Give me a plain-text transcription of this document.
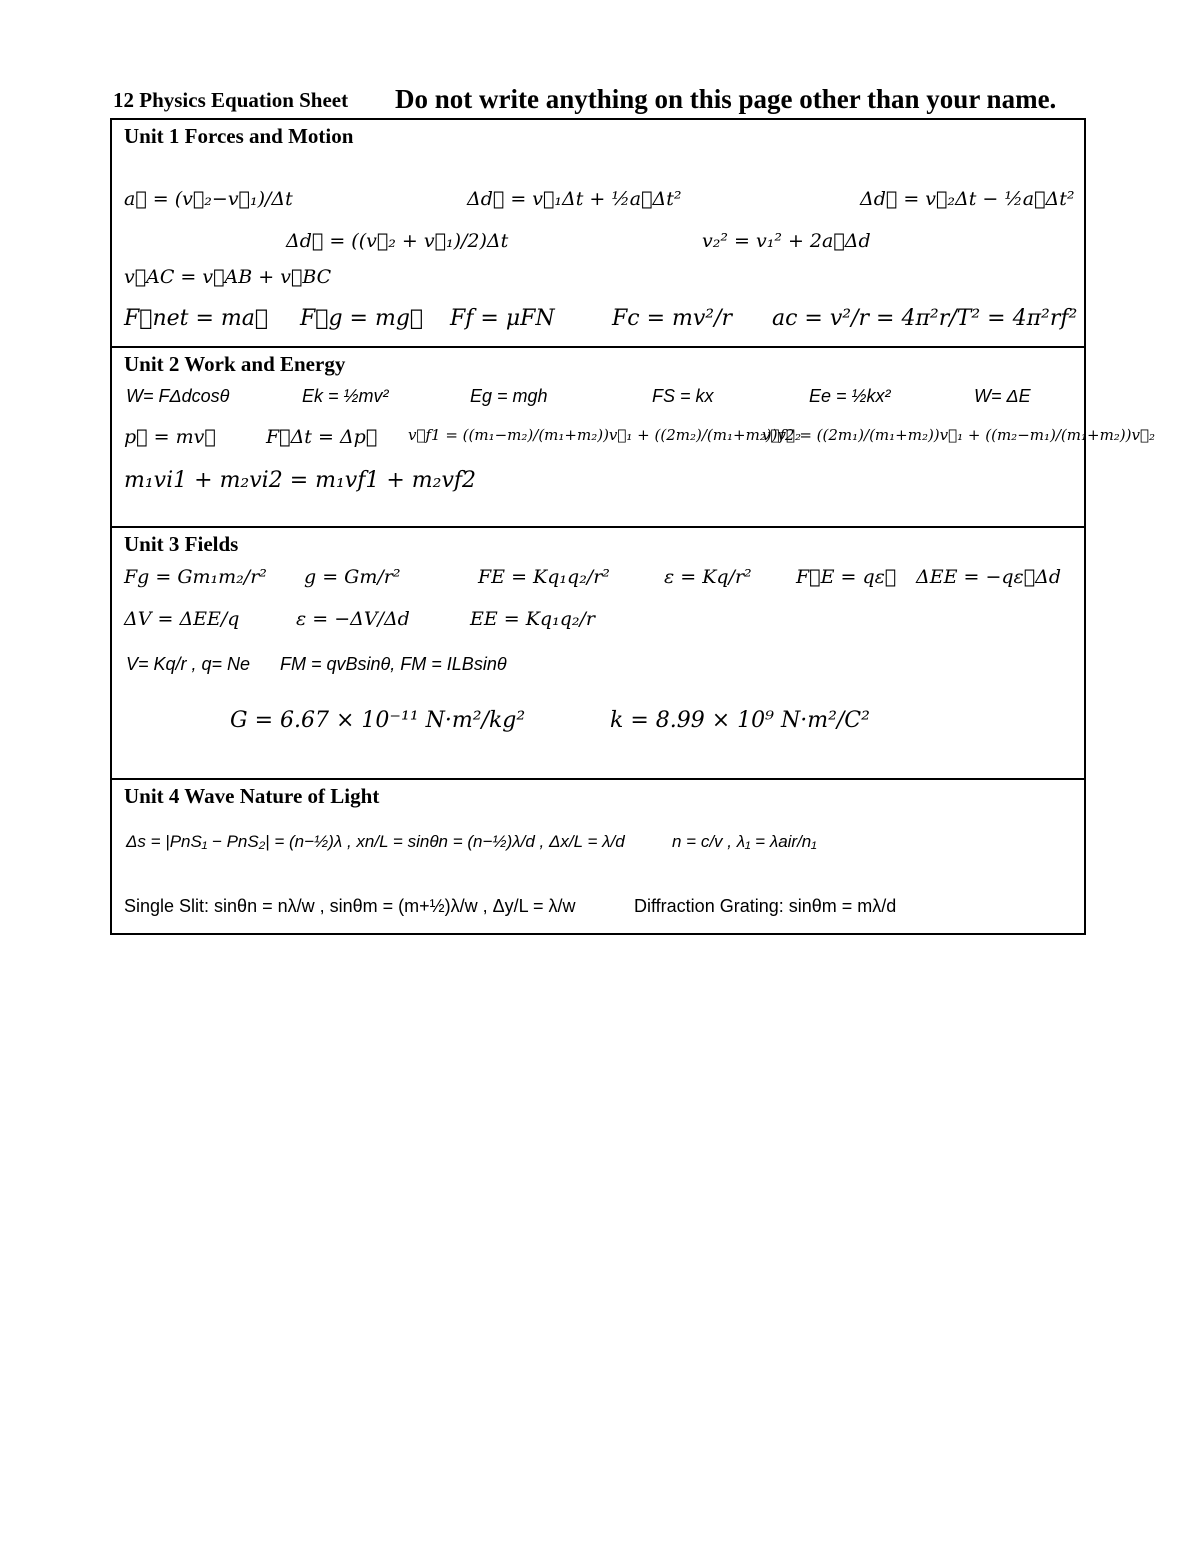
12 Physics Equation Sheet Do not write anything on this page other than your name.
Unit 1 Forces and Motion
a⃗ = (v⃗₂−v⃗₁)/Δt	Δd⃗ = v⃗₁Δt + ½a⃗Δt²	Δd⃗ = v⃗₂Δt − ½a⃗Δt²
Δd⃗ = ((v⃗₂ + v⃗₁)/2)Δt	v₂² = v₁² + 2a⃗Δd
v⃗AC = v⃗AB + v⃗BC
F⃗net = ma⃗ F⃗g = mg⃗ Ff = μFN	Fc = mv²/r ac = v²/r = 4π²r/T² = 4π²rf²
Unit 2 Work and Energy
W= FΔdcosθ	Ek = ½mv²	Eg = mgh	FS = kx	Ee = ½kx²	W= ΔE
p⃗ = mv⃗	F⃗Δt = Δp⃗ v⃗f1 = ((m₁−m₂)/(m₁+m₂))v⃗₁ + ((2m₂)/(m₁+m₂))v⃗₂
v⃗f2 = ((2m₁)/(m₁+m₂))v⃗₁ + ((m₂−m₁)/(m₁+m₂))v⃗₂
m₁vi1 + m₂vi2 = m₁vf1 + m₂vf2
Unit 3 Fields
Fg = Gm₁m₂/r² g = Gm/r²	FE = Kq₁q₂/r²	ε = Kq/r² F⃗E = qε⃗ ΔEE = −qε⃗Δd
ΔV = ΔEE/q	ε = −ΔV/Δd	EE = Kq₁q₂/r
V= Kq/r , q= Ne FM = qvBsinθ, FM = ILBsinθ
G = 6.67 × 10⁻¹¹ N·m²/kg²	k = 8.99 × 10⁹ N·m²/C²
Unit 4 Wave Nature of Light
Δs = |PnS₁ − PnS₂| = (n−½)λ , xn/L = sinθn = (n−½)λ/d , Δx/L = λ/d	n = c/v , λ₁ = λair/n₁
Single Slit: sinθn = nλ/w , sinθm = (m+½)λ/w , Δy/L = λ/w	Diffraction Grating: sinθm = mλ/d
